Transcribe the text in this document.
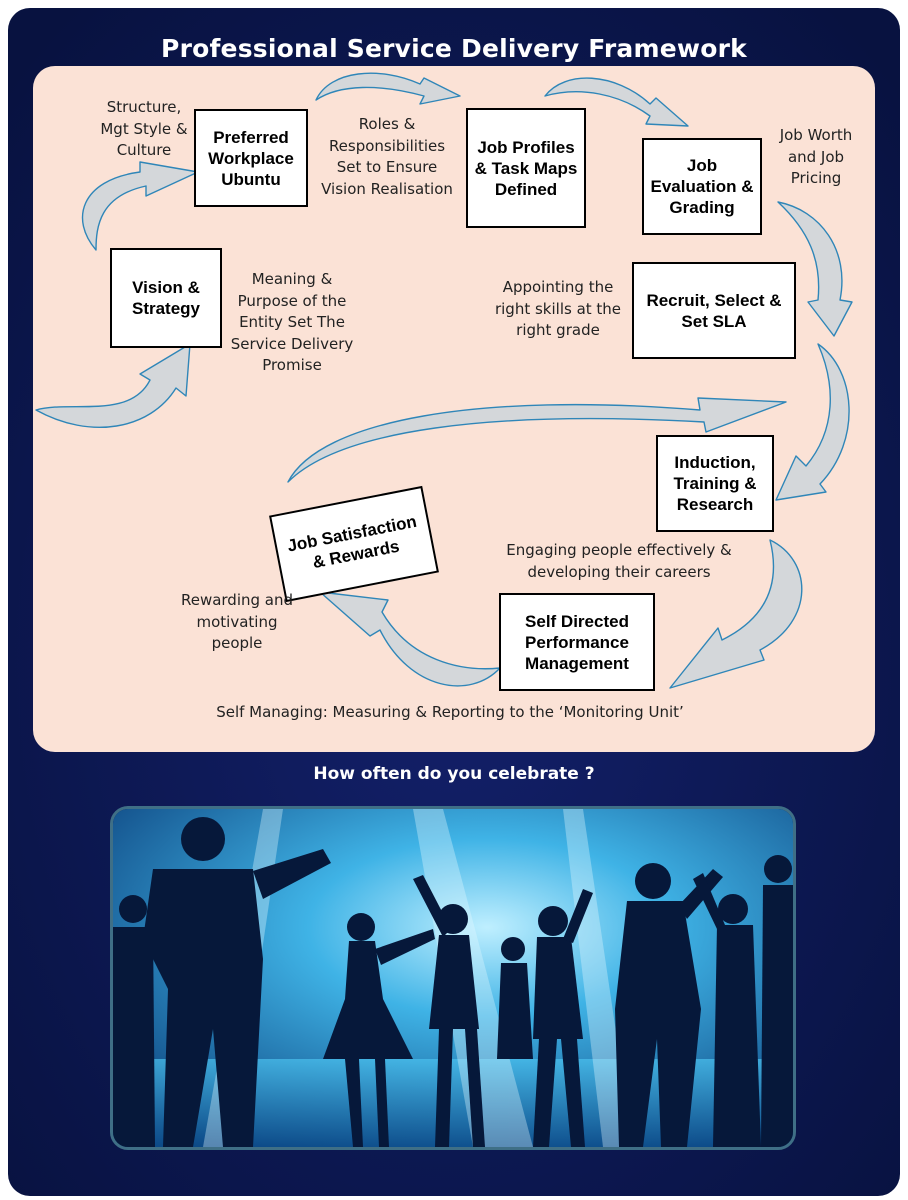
Professional Service Delivery Framework
Preferred Workplace Ubuntu
Job Profiles & Task Maps Defined
Job Evaluation & Grading
Recruit, Select & Set SLA
Induction, Training & Research
Self Directed Performance Management
Job Satisfaction & Rewards
Vision & Strategy
Structure, Mgt Style & Culture
Roles & Responsibilities Set to Ensure Vision Realisation
Job Worth and Job Pricing
Appointing the right skills at the right grade
Meaning & Purpose of the Entity Set The Service Delivery Promise
Engaging people effectively & developing their careers
Rewarding and motivating people
Self Managing: Measuring & Reporting to the ‘Monitoring Unit’
How often do you celebrate ?
